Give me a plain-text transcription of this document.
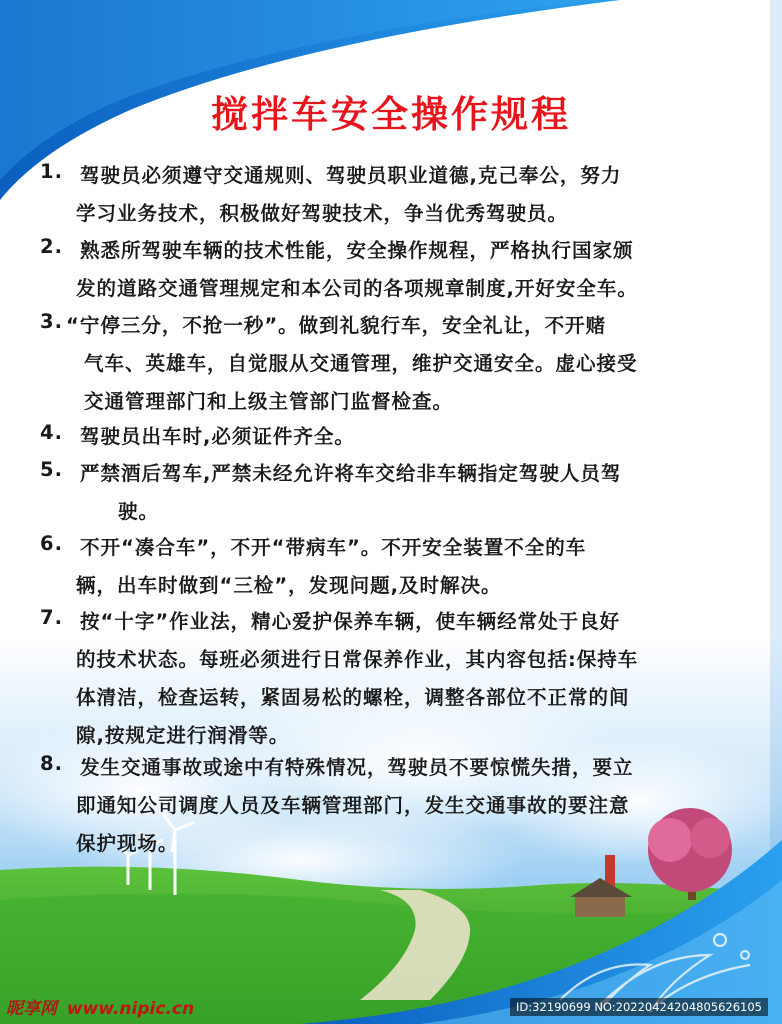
搅拌车安全操作规程
1. 驾驶员必须遵守交通规则、驾驶员职业道德,克己奉公，努力
学习业务技术，积极做好驾驶技术，争当优秀驾驶员。
2. 熟悉所驾驶车辆的技术性能，安全操作规程，严格执行国家颁
发的道路交通管理规定和本公司的各项规章制度,开好安全车。
3. “宁停三分，不抢一秒”。做到礼貌行车，安全礼让，不开赌
气车、英雄车，自觉服从交通管理，维护交通安全。虚心接受
交通管理部门和上级主管部门监督检查。
4. 驾驶员出车时,必须证件齐全。
5. 严禁酒后驾车,严禁未经允许将车交给非车辆指定驾驶人员驾
驶。
6. 不开“凑合车”，不开“带病车”。不开安全装置不全的车
辆，出车时做到“三检”，发现问题,及时解决。
7. 按“十字”作业法，精心爱护保养车辆，使车辆经常处于良好
的技术状态。每班必须进行日常保养作业，其内容包括:保持车
体清洁，检查运转，紧固易松的螺栓，调整各部位不正常的间
隙,按规定进行润滑等。
8. 发生交通事故或途中有特殊情况，驾驶员不要惊慌失措，要立
即通知公司调度人员及车辆管理部门，发生交通事故的要注意
保护现场。
昵享网 www.nipic.cn	ID:32190699 NO:20220424204805626105
